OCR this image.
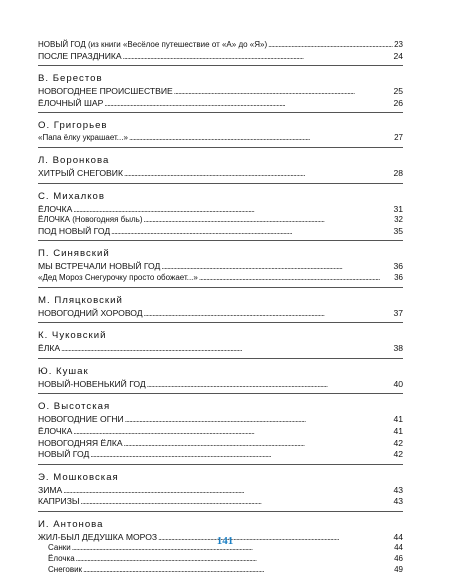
НОВЫЙ ГОД (из книги «Весёлое путешествие от «А» до «Я») . . .	23
ПОСЛЕ ПРАЗДНИКА . . .	24
В. Берестов
НОВОГОДНЕЕ ПРОИСШЕСТВИЕ . . .	25
ЁЛОЧНЫЙ ШАР . . .	26
О. Григорьев
«Папа ёлку украшает...» . . .	27
Л. Воронкова
ХИТРЫЙ СНЕГОВИК . . .	28
С. Михалков
ЁЛОЧКА . . .	31
ЁЛОЧКА (Новогодняя быль) . . .	32
ПОД НОВЫЙ ГОД . . .	35
П. Синявский
МЫ ВСТРЕЧАЛИ НОВЫЙ ГОД . . .	36
«Дед Мороз Снегурочку просто обожает...» . . .	36
М. Пляцковский
НОВОГОДНИЙ ХОРОВОД . . .	37
К. Чуковский
ЁЛКА . . .	38
Ю. Кушак
НОВЫЙ-НОВЕНЬКИЙ ГОД . . .	40
О. Высотская
НОВОГОДНИЕ ОГНИ . . .	41
ЁЛОЧКА . . .	41
НОВОГОДНЯЯ ЁЛКА . . .	42
НОВЫЙ ГОД . . .	42
Э. Мошковская
ЗИМА . . .	43
КАПРИЗЫ . . .	43
И. Антонова
ЖИЛ-БЫЛ ДЕДУШКА МОРОЗ . . .	44
Санки . . .	44
Ёлочка . . .	46
Снеговик . . .	49
141
